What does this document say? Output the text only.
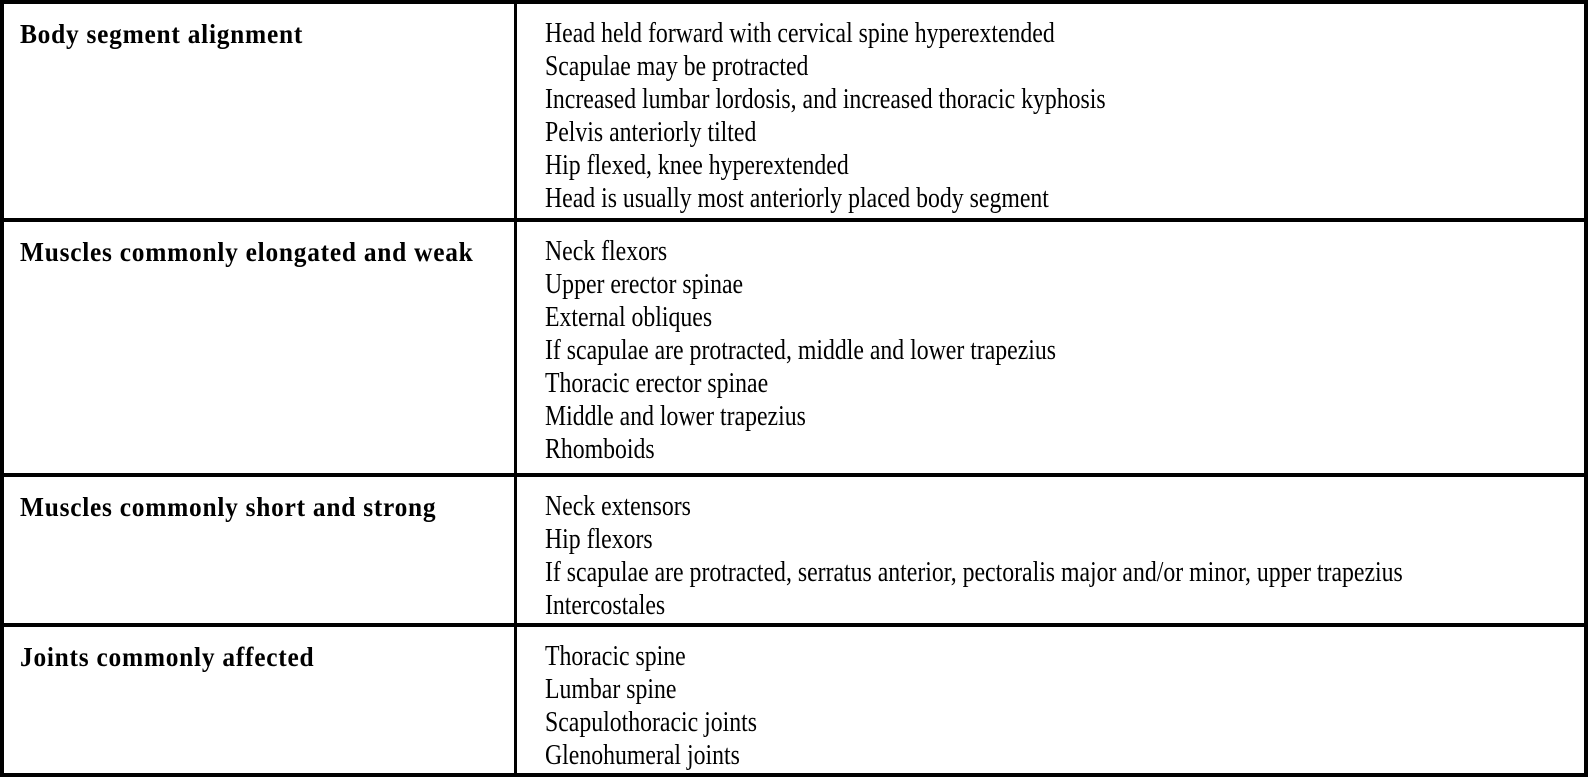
Body segment alignment	Head held forward with cervical spine hyperextended
Scapulae may be protracted
Increased lumbar lordosis, and increased thoracic kyphosis
Pelvis anteriorly tilted
Hip flexed, knee hyperextended
Head is usually most anteriorly placed body segment
Muscles commonly elongated and weak	Neck flexors
Upper erector spinae
External obliques
If scapulae are protracted, middle and lower trapezius
Thoracic erector spinae
Middle and lower trapezius
Rhomboids
Muscles commonly short and strong	Neck extensors
Hip flexors
If scapulae are protracted, serratus anterior, pectoralis major and/or minor, upper trapezius
Intercostales
Joints commonly affected	Thoracic spine
Lumbar spine
Scapulothoracic joints
Glenohumeral joints
